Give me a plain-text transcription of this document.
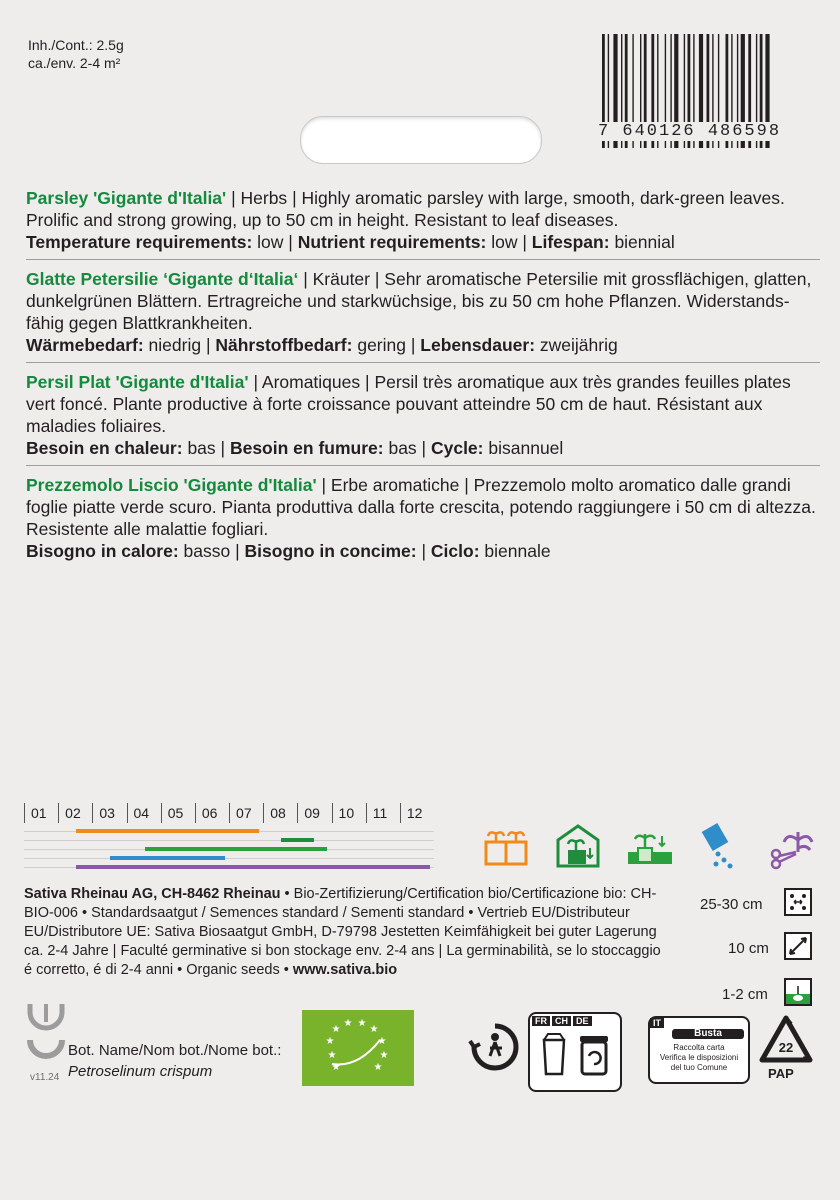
Inh./Cont.: 2.5g
ca./env. 2-4 m²
7 640126 486598
Parsley 'Gigante d'Italia' | Herbs | Highly aromatic parsley with large, smooth, dark-green leaves. Prolific and strong growing, up to 50 cm in height. Resistant to leaf diseases.
Temperature requirements: low | Nutrient requirements: low | Lifespan: biennial
Glatte Petersilie ‘Gigante d‘Italia‘ | Kräuter | Sehr aromatische Petersilie mit grossflächigen, glatten, dunkelgrünen Blättern. Ertragreiche und starkwüchsige, bis zu 50 cm hohe Pflanzen. Widerstands-fähig gegen Blattkrankheiten.
Wärmebedarf: niedrig | Nährstoffbedarf: gering | Lebensdauer: zweijährig
Persil Plat 'Gigante d'Italia' | Aromatiques | Persil très aromatique aux très grandes feuilles plates vert foncé. Plante productive à forte croissance pouvant atteindre 50 cm de haut. Résistant aux maladies foliaires.
Besoin en chaleur: bas | Besoin en fumure: bas | Cycle: bisannuel
Prezzemolo Liscio 'Gigante d'Italia' | Erbe aromatiche | Prezzemolo molto aromatico dalle grandi foglie piatte verde scuro. Pianta produttiva dalla forte crescita, potendo raggiungere i 50 cm di altezza. Resistente alle malattie fogliari.
Bisogno in calore: basso | Bisogno in concime: | Ciclo: biennale
01	02	03	04	05	06	07	08	09	10	11	12
Sativa Rheinau AG, CH-8462 Rheinau • Bio-Zertifizierung/Certification bio/Certificazione bio: CH-BIO-006 • Standardsaatgut / Semences standard / Sementi standard • Vertrieb EU/Distributeur EU/Distributore UE: Sativa Biosaatgut GmbH, D-79798 Jestetten Keimfähigkeit bei guter Lagerung ca. 2-4 Jahre | Faculté germinative si bon stockage env. 2-4 ans | La germinabilità, se lo stoccaggio é corretto, é di 2-4 anni • Organic seeds • www.sativa.bio
25-30 cm
10 cm
1-2 cm
Bot. Name/Nom bot./Nome bot.:
Petroselinum crispum
v11.24
★
★
★ ★
★
★
★
★
★
★
FR CH DE	IT
Busta
Raccolta carta
Verifica le disposizioni
del tuo Comune
22
PAP
